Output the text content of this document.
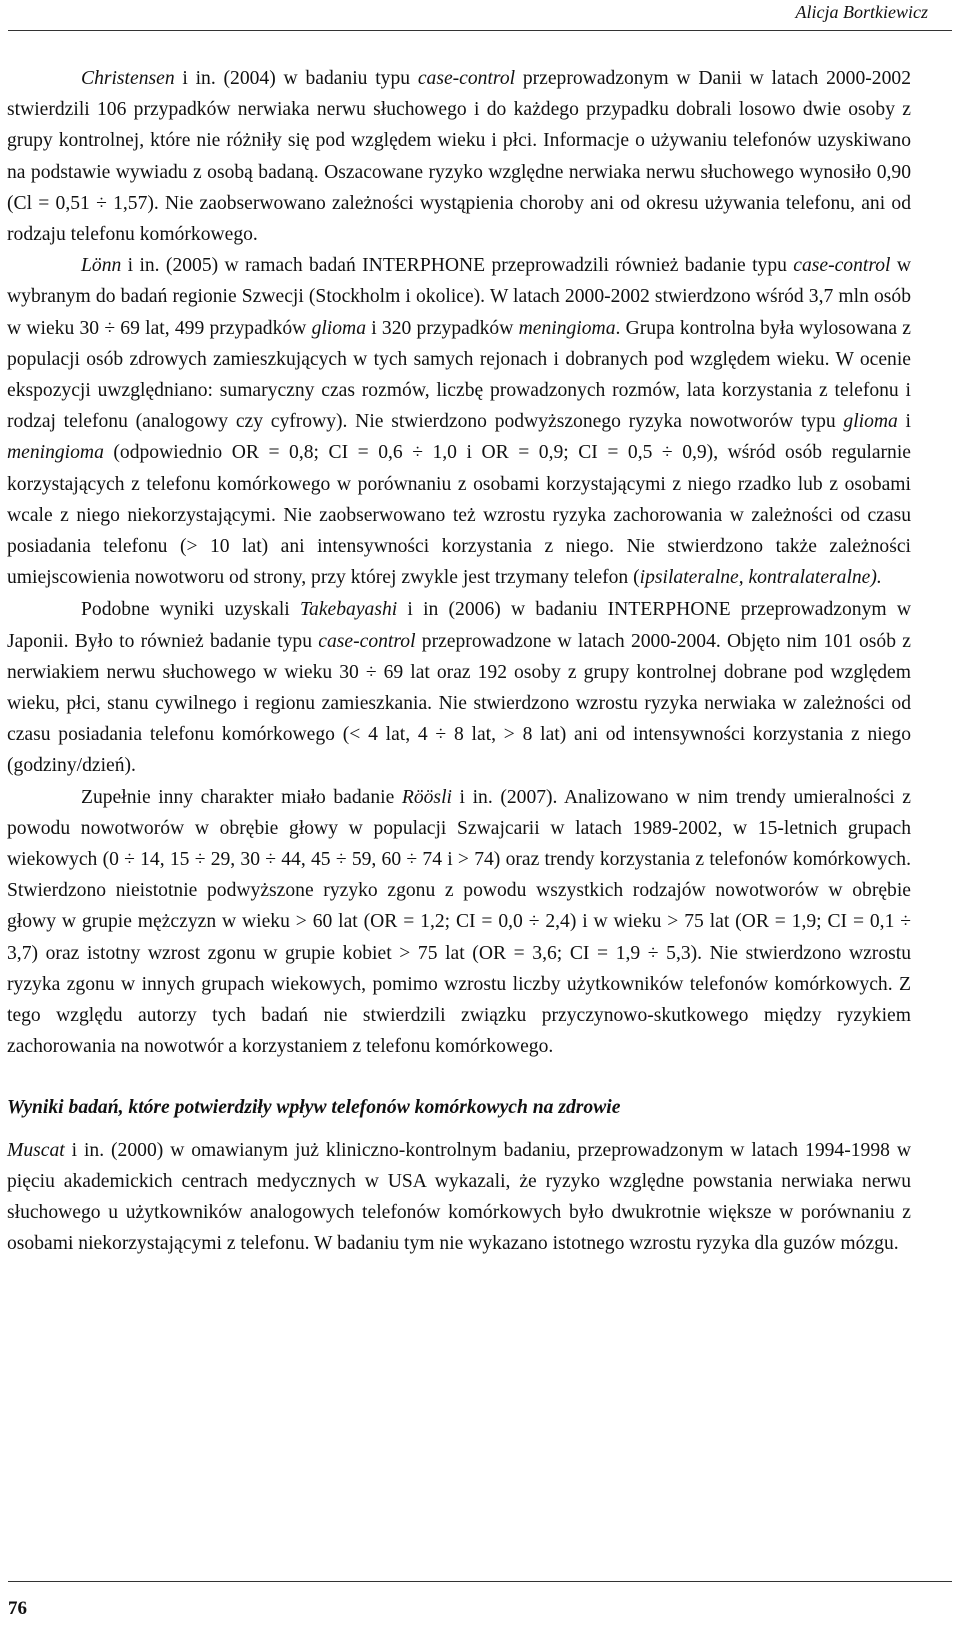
Alicja Bortkiewicz

Christensen i in. (2004) w badaniu typu case-control przeprowadzonym w Danii w latach 2000-2002 stwierdzili 106 przypadków nerwiaka nerwu słuchowego i do każdego przypadku dobrali losowo dwie osoby z grupy kontrolnej, które nie różniły się pod względem wieku i płci. Informacje o używaniu telefonów uzyskiwano na podstawie wywiadu z osobą badaną. Oszacowane ryzyko względne nerwiaka nerwu słuchowego wynosiło 0,90 (Cl = 0,51 ÷ 1,57). Nie zaobserwowano zależności wystąpienia choroby ani od okresu używania telefonu, ani od rodzaju telefonu komórkowego.

Lönn i in. (2005) w ramach badań INTERPHONE przeprowadzili również badanie typu case-control w wybranym do badań regionie Szwecji (Stockholm i okolice). W latach 2000-2002 stwierdzono wśród 3,7 mln osób w wieku 30 ÷ 69 lat, 499 przypadków glioma i 320 przypadków meningioma. Grupa kontrolna była wylosowana z populacji osób zdrowych zamieszkujących w tych samych rejonach i dobranych pod względem wieku. W ocenie ekspozycji uwzględniano: sumaryczny czas rozmów, liczbę prowadzonych rozmów, lata korzystania z telefonu i rodzaj telefonu (analogowy czy cyfrowy). Nie stwierdzono podwyższonego ryzyka nowotworów typu glioma i meningioma (odpowiednio OR = 0,8; CI = 0,6 ÷ 1,0 i OR = 0,9; CI = 0,5 ÷ 0,9), wśród osób regularnie korzystających z telefonu komórkowego w porównaniu z osobami korzystającymi z niego rzadko lub z osobami wcale z niego niekorzystającymi. Nie zaobserwowano też wzrostu ryzyka zachorowania w zależności od czasu posiadania telefonu (> 10 lat) ani intensywności korzystania z niego. Nie stwierdzono także zależności umiejscowienia nowotworu od strony, przy której zwykle jest trzymany telefon (ipsilateralne, kontralateralne).

Podobne wyniki uzyskali Takebayashi i in (2006) w badaniu INTERPHONE przeprowadzonym w Japonii. Było to również badanie typu case-control przeprowadzone w latach 2000-2004. Objęto nim 101 osób z nerwiakiem nerwu słuchowego w wieku 30 ÷ 69 lat oraz 192 osoby z grupy kontrolnej dobrane pod względem wieku, płci, stanu cywilnego i regionu zamieszkania. Nie stwierdzono wzrostu ryzyka nerwiaka w zależności od czasu posiadania telefonu komórkowego (< 4 lat, 4 ÷ 8 lat, > 8 lat) ani od intensywności korzystania z niego (godziny/dzień).

Zupełnie inny charakter miało badanie Röösli i in. (2007). Analizowano w nim trendy umieralności z powodu nowotworów w obrębie głowy w populacji Szwajcarii w latach 1989-2002, w 15-letnich grupach wiekowych (0 ÷ 14, 15 ÷ 29, 30 ÷ 44, 45 ÷ 59, 60 ÷ 74 i > 74) oraz trendy korzystania z telefonów komórkowych. Stwierdzono nieistotnie podwyższone ryzyko zgonu z powodu wszystkich rodzajów nowotworów w obrębie głowy w grupie mężczyzn w wieku > 60 lat (OR = 1,2; CI = 0,0 ÷ 2,4) i w wieku > 75 lat (OR = 1,9; CI = 0,1 ÷ 3,7) oraz istotny wzrost zgonu w grupie kobiet > 75 lat (OR = 3,6; CI = 1,9 ÷ 5,3). Nie stwierdzono wzrostu ryzyka zgonu w innych grupach wiekowych, pomimo wzrostu liczby użytkowników telefonów komórkowych. Z tego względu autorzy tych badań nie stwierdzili związku przyczynowo-skutkowego między ryzykiem zachorowania na nowotwór a korzystaniem z telefonu komórkowego.

Wyniki badań, które potwierdziły wpływ telefonów komórkowych na zdrowie

Muscat i in. (2000) w omawianym już kliniczno-kontrolnym badaniu, przeprowadzonym w latach 1994-1998 w pięciu akademickich centrach medycznych w USA wykazali, że ryzyko względne powstania nerwiaka nerwu słuchowego u użytkowników analogowych telefonów komórkowych było dwukrotnie większe w porównaniu z osobami niekorzystającymi z telefonu. W badaniu tym nie wykazano istotnego wzrostu ryzyka dla guzów mózgu.

76
